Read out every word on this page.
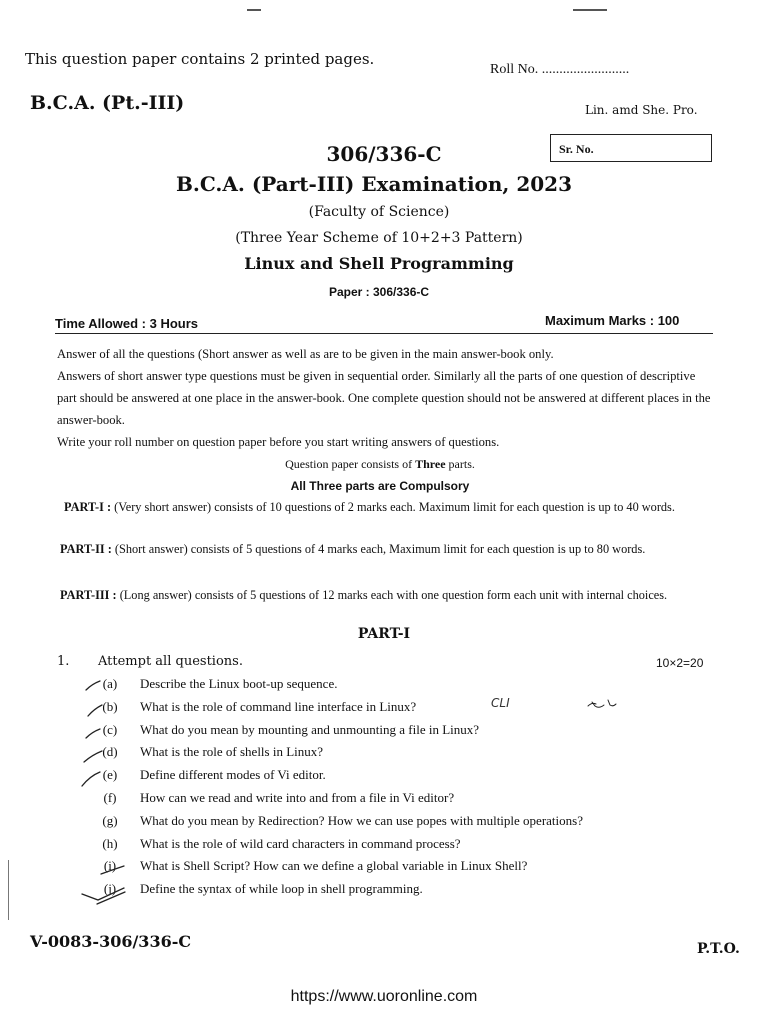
This question paper contains 2 printed pages.
Roll No. .........................
B.C.A. (Pt.-III)	Lin. amd She. Pro.
306/336-C	Sr. No.
B.C.A. (Part-III) Examination, 2023
(Faculty of Science)
(Three Year Scheme of 10+2+3 Pattern)
Linux and Shell Programming
Paper : 306/336-C
Time Allowed : 3 Hours	Maximum Marks : 100

Answer of all the questions (Short answer as well as are to be given in the main answer-book only.

Answers of short answer type questions must be given in sequential order. Similarly all the parts of one question of descriptive part should be answered at one place in the answer-book. One complete question should not be answered at different places in the answer-book.

Write your roll number on question paper before you start writing answers of questions.

Question paper consists of Three parts.
All Three parts are Compulsory
PART-I : (Very short answer) consists of 10 questions of 2 marks each. Maximum limit for each question is up to 40 words.
PART-II : (Short answer) consists of 5 questions of 4 marks each, Maximum limit for each question is up to 80 words.
PART-III : (Long answer) consists of 5 questions of 12 marks each with one question form each unit with internal choices.
PART-I
1. Attempt all questions.	10×2=20
(a)	Describe the Linux boot-up sequence.
(b)	What is the role of command line interface in Linux?
(c)	What do you mean by mounting and unmounting a file in Linux?
(d)	What is the role of shells in Linux?
(e)	Define different modes of Vi editor.
(f)	How can we read and write into and from a file in Vi editor?
(g)	What do you mean by Redirection? How we can use popes with multiple operations?
(h)	What is the role of wild card characters in command process?
(i)	What is Shell Script? How can we define a global variable in Linux Shell?
(j)	Define the syntax of while loop in shell programming.
CLI
V-0083-306/336-C	P.T.O.
https://www.uoronline.com
